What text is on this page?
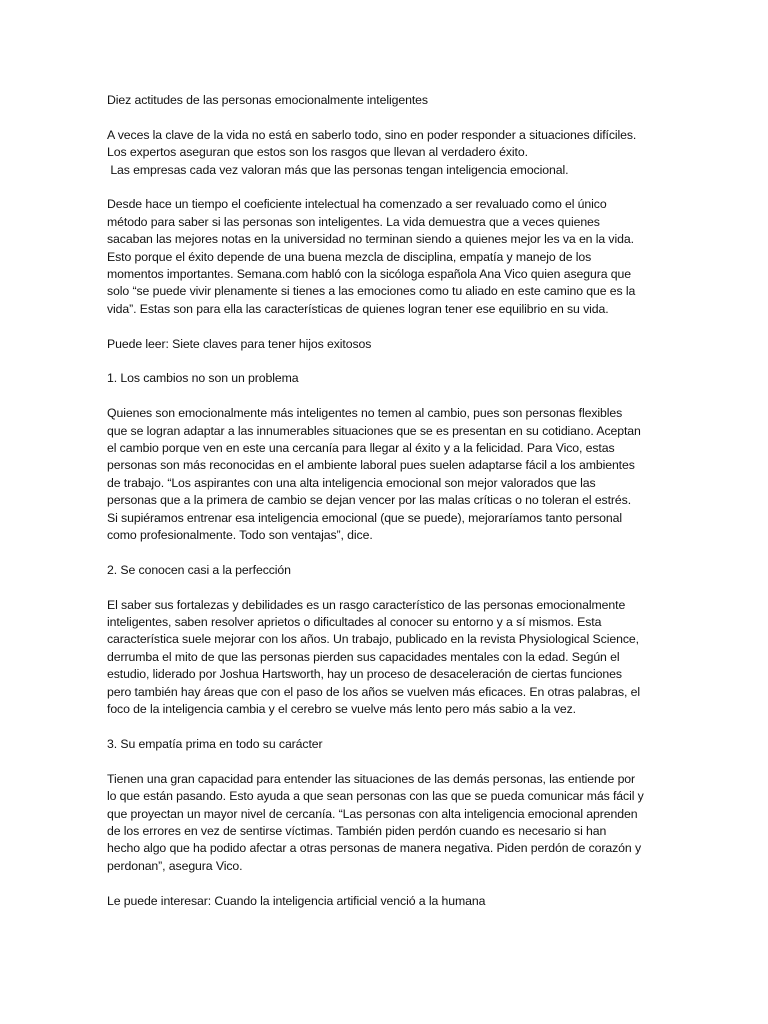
Diez actitudes de las personas emocionalmente inteligentes
A veces la clave de la vida no está en saberlo todo, sino en poder responder a situaciones difíciles.
Los expertos aseguran que estos son los rasgos que llevan al verdadero éxito.
Las empresas cada vez valoran más que las personas tengan inteligencia emocional.
Desde hace un tiempo el coeficiente intelectual ha comenzado a ser revaluado como el único
método para saber si las personas son inteligentes. La vida demuestra que a veces quienes
sacaban las mejores notas en la universidad no terminan siendo a quienes mejor les va en la vida.
Esto porque el éxito depende de una buena mezcla de disciplina, empatía y manejo de los
momentos importantes. Semana.com habló con la sicóloga española Ana Vico quien asegura que
solo “se puede vivir plenamente si tienes a las emociones como tu aliado en este camino que es la
vida”. Estas son para ella las características de quienes logran tener ese equilibrio en su vida.
Puede leer: Siete claves para tener hijos exitosos
1. Los cambios no son un problema
Quienes son emocionalmente más inteligentes no temen al cambio, pues son personas flexibles
que se logran adaptar a las innumerables situaciones que se es presentan en su cotidiano. Aceptan
el cambio porque ven en este una cercanía para llegar al éxito y a la felicidad. Para Vico, estas
personas son más reconocidas en el ambiente laboral pues suelen adaptarse fácil a los ambientes
de trabajo. “Los aspirantes con una alta inteligencia emocional son mejor valorados que las
personas que a la primera de cambio se dejan vencer por las malas críticas o no toleran el estrés.
Si supiéramos entrenar esa inteligencia emocional (que se puede), mejoraríamos tanto personal
como profesionalmente. Todo son ventajas”, dice.
2. Se conocen casi a la perfección
El saber sus fortalezas y debilidades es un rasgo característico de las personas emocionalmente
inteligentes, saben resolver aprietos o dificultades al conocer su entorno y a sí mismos. Esta
característica suele mejorar con los años. Un trabajo, publicado en la revista Physiological Science,
derrumba el mito de que las personas pierden sus capacidades mentales con la edad. Según el
estudio, liderado por Joshua Hartsworth, hay un proceso de desaceleración de ciertas funciones
pero también hay áreas que con el paso de los años se vuelven más eficaces. En otras palabras, el
foco de la inteligencia cambia y el cerebro se vuelve más lento pero más sabio a la vez.
3. Su empatía prima en todo su carácter
Tienen una gran capacidad para entender las situaciones de las demás personas, las entiende por
lo que están pasando. Esto ayuda a que sean personas con las que se pueda comunicar más fácil y
que proyectan un mayor nivel de cercanía. “Las personas con alta inteligencia emocional aprenden
de los errores en vez de sentirse víctimas. También piden perdón cuando es necesario si han
hecho algo que ha podido afectar a otras personas de manera negativa. Piden perdón de corazón y
perdonan”, asegura Vico.
Le puede interesar: Cuando la inteligencia artificial venció a la humana
